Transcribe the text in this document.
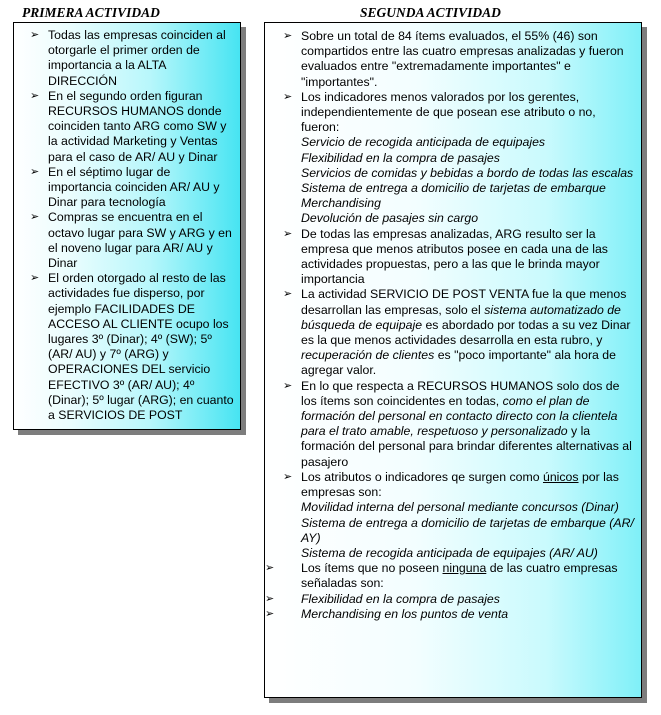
PRIMERA ACTIVIDAD	SEGUNDA ACTIVIDAD
➢ Todas las empresas coinciden al otorgarle el primer orden de importancia a la ALTA DIRECCIÓN
➢ En el segundo orden figuran RECURSOS HUMANOS donde coinciden tanto ARG como SW y la actividad Marketing y Ventas para el caso de AR/ AU y Dinar
➢ En el séptimo lugar de importancia coinciden AR/ AU y Dinar para tecnología
➢ Compras se encuentra en el octavo lugar para SW y ARG y en el noveno lugar para AR/ AU y Dinar
➢ El orden otorgado al resto de las actividades fue disperso, por ejemplo FACILIDADES DE ACCESO AL CLIENTE ocupo los lugares 3º (Dinar); 4º (SW); 5º (AR/ AU) y 7º (ARG) y OPERACIONES DEL servicio EFECTIVO 3º (AR/ AU); 4º (Dinar); 5º lugar (ARG); en cuanto a SERVICIOS DE POST
➢ Sobre un total de 84 ítems evaluados, el 55% (46) son compartidos entre las cuatro empresas analizadas y fueron evaluados entre "extremadamente importantes" e "importantes".
➢ Los indicadores menos valorados por los gerentes, independientemente de que posean ese atributo o no, fueron:
Servicio de recogida anticipada de equipajes
Flexibilidad en la compra de pasajes
Servicios de comidas y bebidas a bordo de todas las escalas
Sistema de entrega a domicilio de tarjetas de embarque
Merchandising
Devolución de pasajes sin cargo
➢ De todas las empresas analizadas, ARG resulto ser la empresa que menos atributos posee en cada una de las actividades propuestas, pero a las que le brinda mayor importancia
➢ La actividad SERVICIO DE POST VENTA fue la que menos desarrollan las empresas, solo el sistema automatizado de búsqueda de equipaje es abordado por todas a su vez Dinar es la que menos actividades desarrolla en esta rubro, y recuperación de clientes es "poco importante" ala hora de agregar valor.
➢ En lo que respecta a RECURSOS HUMANOS solo dos de los ítems son coincidentes en todas, como el plan de formación del personal en contacto directo con la clientela para el trato amable, respetuoso y personalizado y la formación del personal para brindar diferentes alternativas al pasajero
➢ Los atributos o indicadores qe surgen como únicos por las empresas son:
Movilidad interna del personal mediante concursos (Dinar)
Sistema de entrega a domicilio de tarjetas de embarque (AR/ AY)
Sistema de recogida anticipada de equipajes (AR/ AU)
➢ Los ítems que no poseen ninguna de las cuatro empresas señaladas son:
➢ Flexibilidad en la compra de pasajes
➢ Merchandising en los puntos de venta
